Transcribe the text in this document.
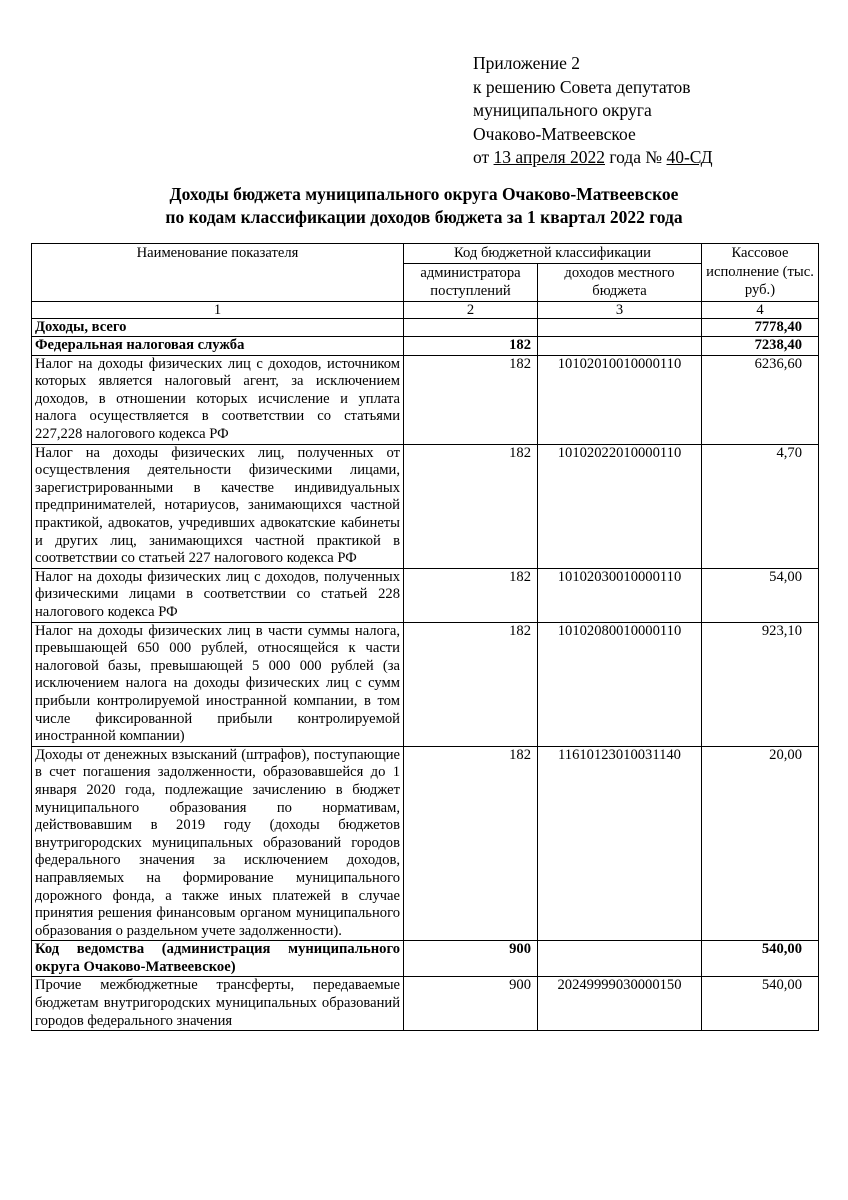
Приложение 2
к решению Совета депутатов
муниципального округа
Очаково-Матвеевское
от 13 апреля 2022 года № 40-СД
Доходы бюджета муниципального округа Очаково-Матвеевское
по кодам классификации доходов бюджета за 1 квартал 2022 года
Наименование показателя	Код бюджетной классификации		Кассовое исполнение (тыс. руб.)
	администратора поступлений	доходов местного бюджета	
1	2	3	4
Доходы, всего			7778,40
Федеральная налоговая служба	182		7238,40
Налог на доходы физических лиц с доходов, источником которых является налоговый агент, за исключением доходов, в отношении которых исчисление и уплата налога осуществляется в соответствии со статьями 227,228 налогового кодекса РФ	182	10102010010000110	6236,60
Налог на доходы физических лиц, полученных от осуществления деятельности физическими лицами, зарегистрированными в качестве индивидуальных предпринимателей, нотариусов, занимающихся частной практикой, адвокатов, учредивших адвокатские кабинеты и других лиц, занимающихся частной практикой в соответствии со статьей 227 налогового кодекса РФ	182	10102022010000110	4,70
Налог на доходы физических лиц с доходов, полученных физическими лицами в соответствии со статьей 228 налогового кодекса РФ	182	10102030010000110	54,00
Налог на доходы физических лиц в части суммы налога, превышающей 650 000 рублей, относящейся к части налоговой базы, превышающей 5 000 000 рублей (за исключением налога на доходы физических лиц с сумм прибыли контролируемой иностранной компании, в том числе фиксированной прибыли контролируемой иностранной компании)	182	10102080010000110	923,10
Доходы от денежных взысканий (штрафов), поступающие в счет погашения задолженности, образовавшейся до 1 января 2020 года, подлежащие зачислению в бюджет муниципального образования по нормативам, действовавшим в 2019 году (доходы бюджетов внутригородских муниципальных образований городов федерального значения за исключением доходов, направляемых на формирование муниципального дорожного фонда, а также иных платежей в случае принятия решения финансовым органом муниципального образования о раздельном учете задолженности).	182	11610123010031140	20,00
Код ведомства (администрация муниципального округа Очаково-Матвеевское)	900		540,00
Прочие межбюджетные трансферты, передаваемые бюджетам внутригородских муниципальных образований городов федерального значения	900	20249999030000150	540,00
